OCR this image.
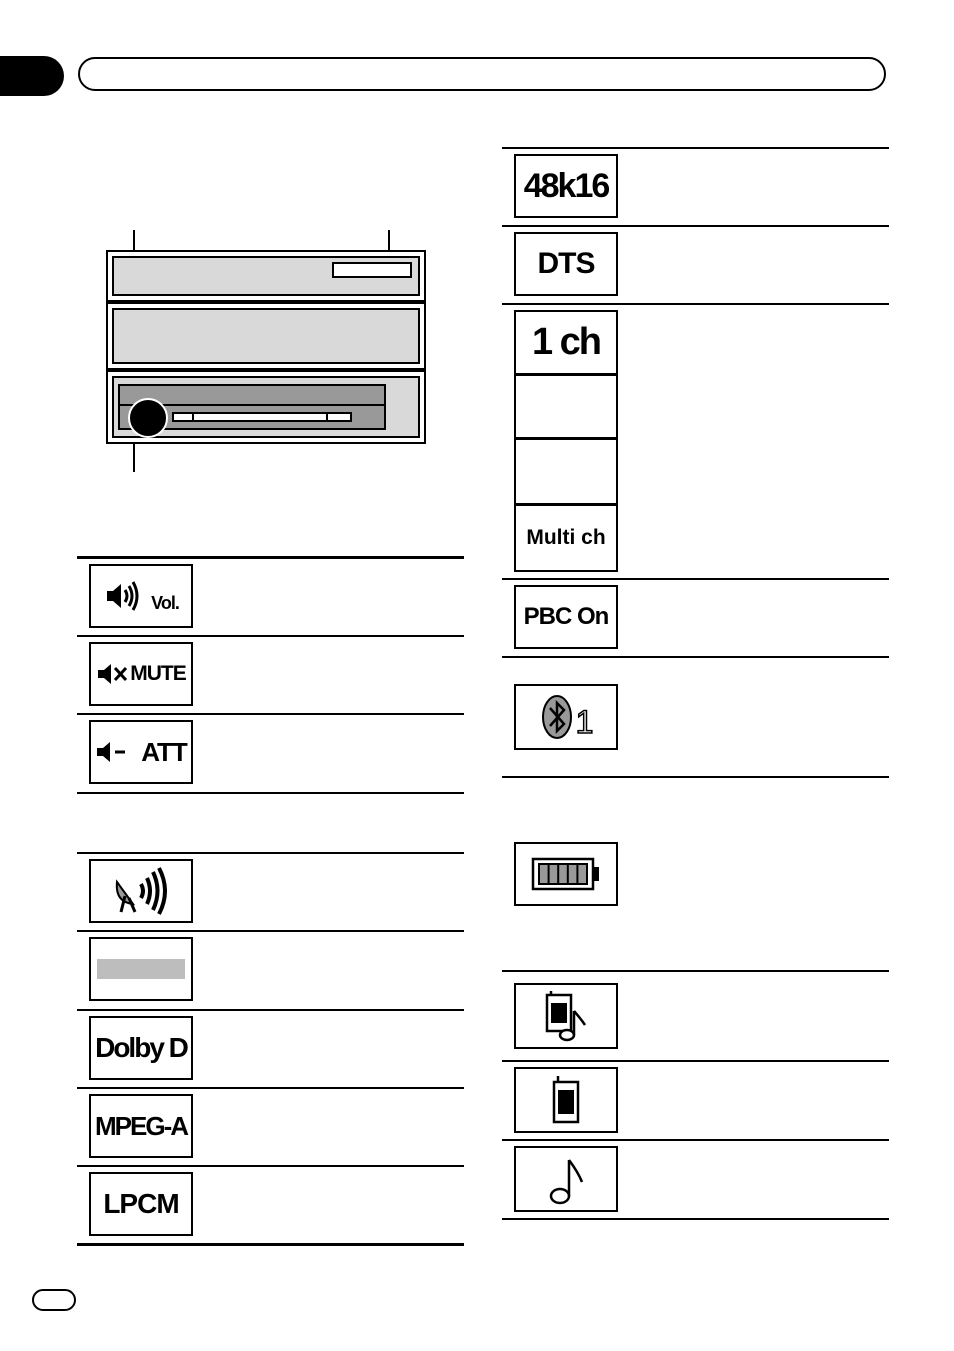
Vol.
MUTE
ATT
Dolby D
MPEG-A
LPCM
48k16
DTS
1 ch
Multi ch
PBC On
1
